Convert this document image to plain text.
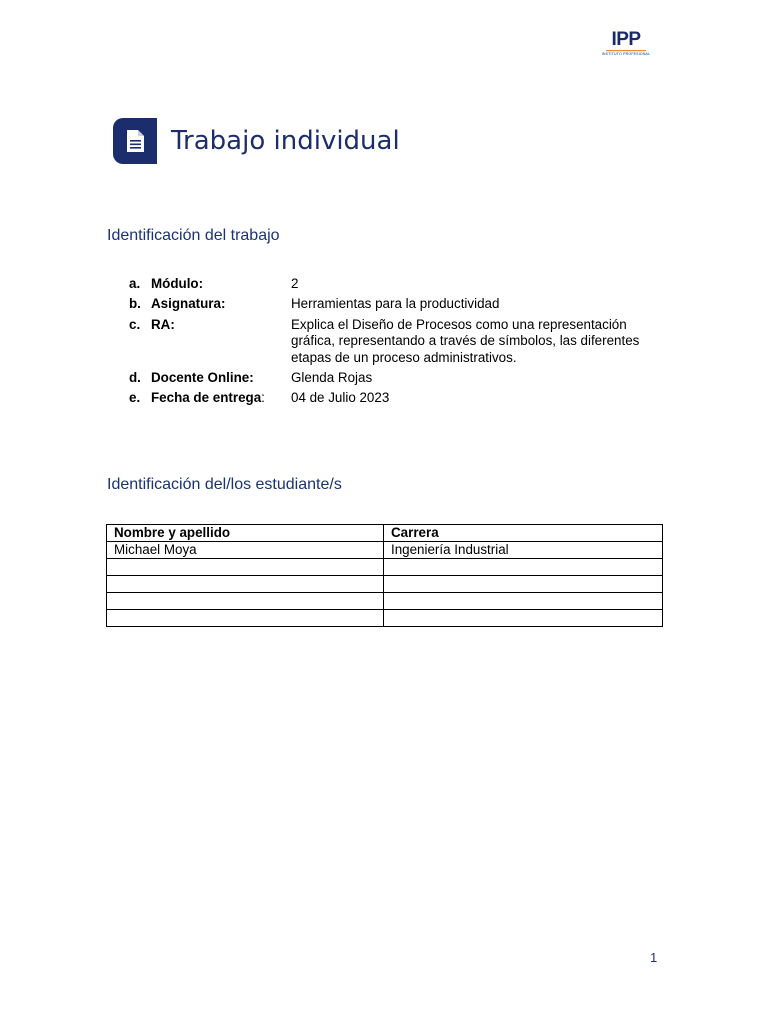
IPP
INSTITUTO PROFESIONAL
Trabajo individual
Identificación del trabajo
a. Módulo:	2
b. Asignatura:	Herramientas para la productividad
c. RA:	Explica el Diseño de Procesos como una representación gráfica, representando a través de símbolos, las diferentes etapas de un proceso administrativos.
d. Docente Online:	Glenda Rojas
e. Fecha de entrega:	04 de Julio 2023
Identificación del/los estudiante/s
Nombre y apellido	Carrera
Michael Moya	Ingeniería Industrial

1
